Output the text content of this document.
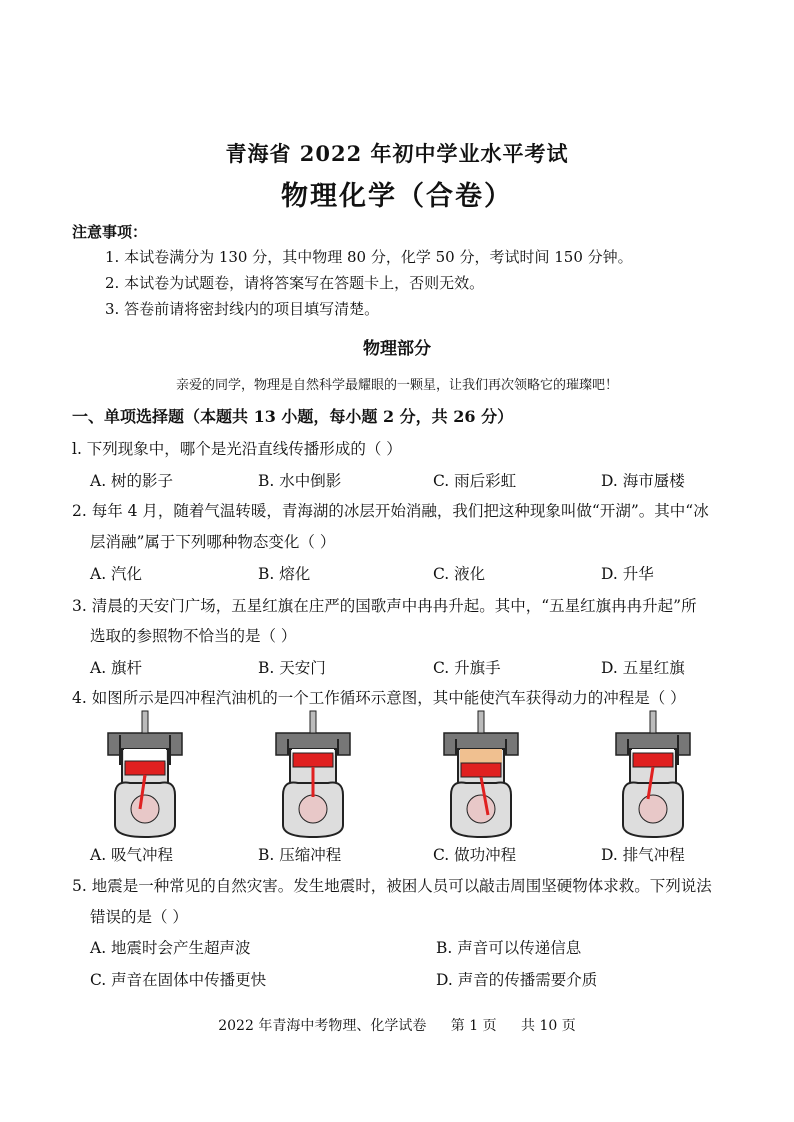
青海省 2022 年初中学业水平考试
物理化学（合卷）
注意事项：
1. 本试卷满分为 130 分，其中物理 80 分，化学 50 分，考试时间 150 分钟。
2. 本试卷为试题卷，请将答案写在答题卡上，否则无效。
3. 答卷前请将密封线内的项目填写清楚。
物理部分
亲爱的同学，物理是自然科学最耀眼的一颗星，让我们再次领略它的璀璨吧！
一、单项选择题（本题共 13 小题，每小题 2 分，共 26 分）
l. 下列现象中，哪个是光沿直线传播形成的（ ）
A. 树的影子	B. 水中倒影	C. 雨后彩虹	D. 海市蜃楼
2. 每年 4 月，随着气温转暖，青海湖的冰层开始消融，我们把这种现象叫做“开湖”。其中“冰
层消融”属于下列哪种物态变化（ ）
A. 汽化	B. 熔化	C. 液化	D. 升华
3. 清晨的天安门广场，五星红旗在庄严的国歌声中冉冉升起。其中，“五星红旗冉冉升起”所
选取的参照物不恰当的是（ ）
A. 旗杆	B. 天安门	C. 升旗手	D. 五星红旗
4. 如图所示是四冲程汽油机的一个工作循环示意图，其中能使汽车获得动力的冲程是（ ）
A. 吸气冲程	B. 压缩冲程	C. 做功冲程	D. 排气冲程
5. 地震是一种常见的自然灾害。发生地震时，被困人员可以敲击周围坚硬物体求救。下列说法
错误的是（ ）
A. 地震时会产生超声波	B. 声音可以传递信息
C. 声音在固体中传播更快	D. 声音的传播需要介质
2022 年青海中考物理、化学试卷 第 1 页 共 10 页
